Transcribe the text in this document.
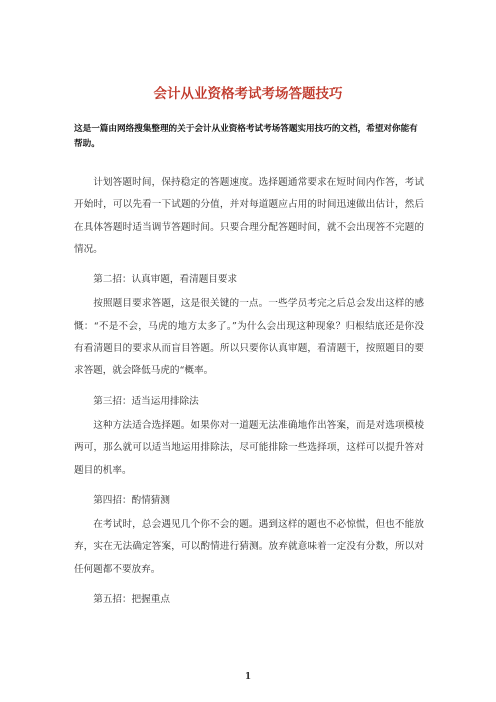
会计从业资格考试考场答题技巧

这是一篇由网络搜集整理的关于会计从业资格考试考场答题实用技巧的文档，希望对你能有帮助。

计划答题时间，保持稳定的答题速度。选择题通常要求在短时间内作答，考试开始时，可以先看一下试题的分值，并对每道题应占用的时间迅速做出估计，然后在具体答题时适当调节答题时间。只要合理分配答题时间，就不会出现答不完题的情况。

第二招：认真审题，看清题目要求

按照题目要求答题，这是很关键的一点。一些学员考完之后总会发出这样的感慨：“不是不会，马虎的地方太多了。”为什么会出现这种现象？归根结底还是你没有看清题目的要求从而盲目答题。所以只要你认真审题，看清题干，按照题目的要求答题，就会降低马虎的“概率。

第三招：适当运用排除法

这种方法适合选择题。如果你对一道题无法准确地作出答案，而是对选项模棱两可，那么就可以适当地运用排除法，尽可能排除一些选择项，这样可以提升答对题目的机率。

第四招：酌情猜测

在考试时，总会遇见几个你不会的题。遇到这样的题也不必惊慌，但也不能放弃，实在无法确定答案，可以酌情进行猜测。放弃就意味着一定没有分数，所以对任何题都不要放弃。

第五招：把握重点

1
